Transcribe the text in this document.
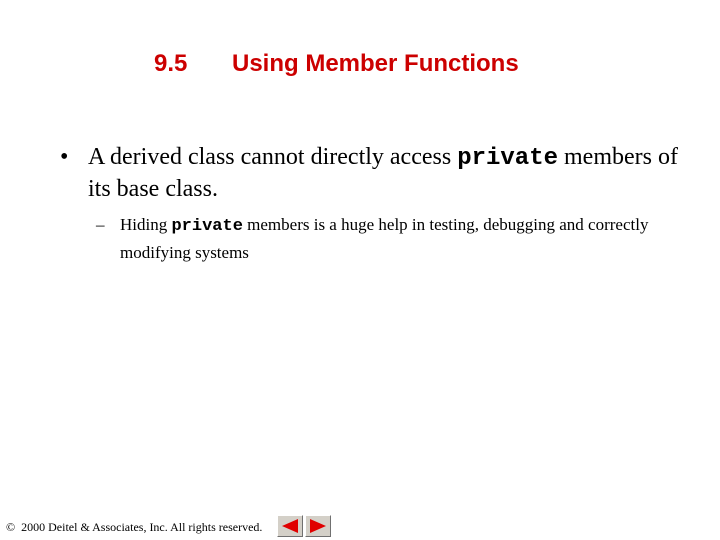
9.5 Using Member Functions
• A derived class cannot directly access private members of its base class.
– Hiding private members is a huge help in testing, debugging and correctly modifying systems
© 2000 Deitel & Associates, Inc. All rights reserved.
